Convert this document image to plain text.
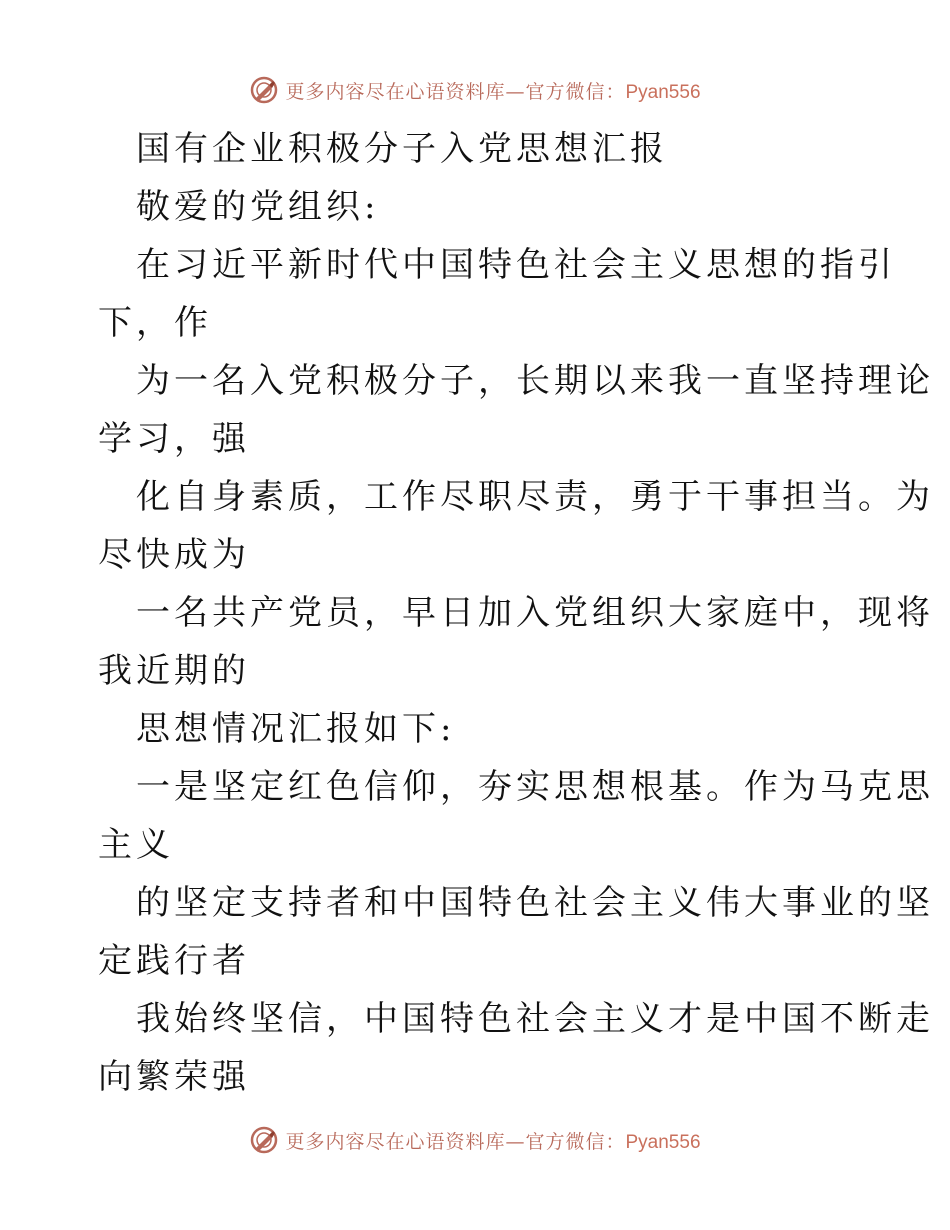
更多内容尽在心语资料库—官方微信：Pyan556
国有企业积极分子入党思想汇报
敬爱的党组织:
在习近平新时代中国特色社会主义思想的指引
下，作
为一名入党积极分子，长期以来我一直坚持理论
学习，强
化自身素质，工作尽职尽责，勇于干事担当。为
尽快成为
一名共产党员，早日加入党组织大家庭中，现将
我近期的
思想情况汇报如下:
一是坚定红色信仰，夯实思想根基。作为马克思
主义
的坚定支持者和中国特色社会主义伟大事业的坚
定践行者
我始终坚信，中国特色社会主义才是中国不断走
向繁荣强
更多内容尽在心语资料库—官方微信：Pyan556
